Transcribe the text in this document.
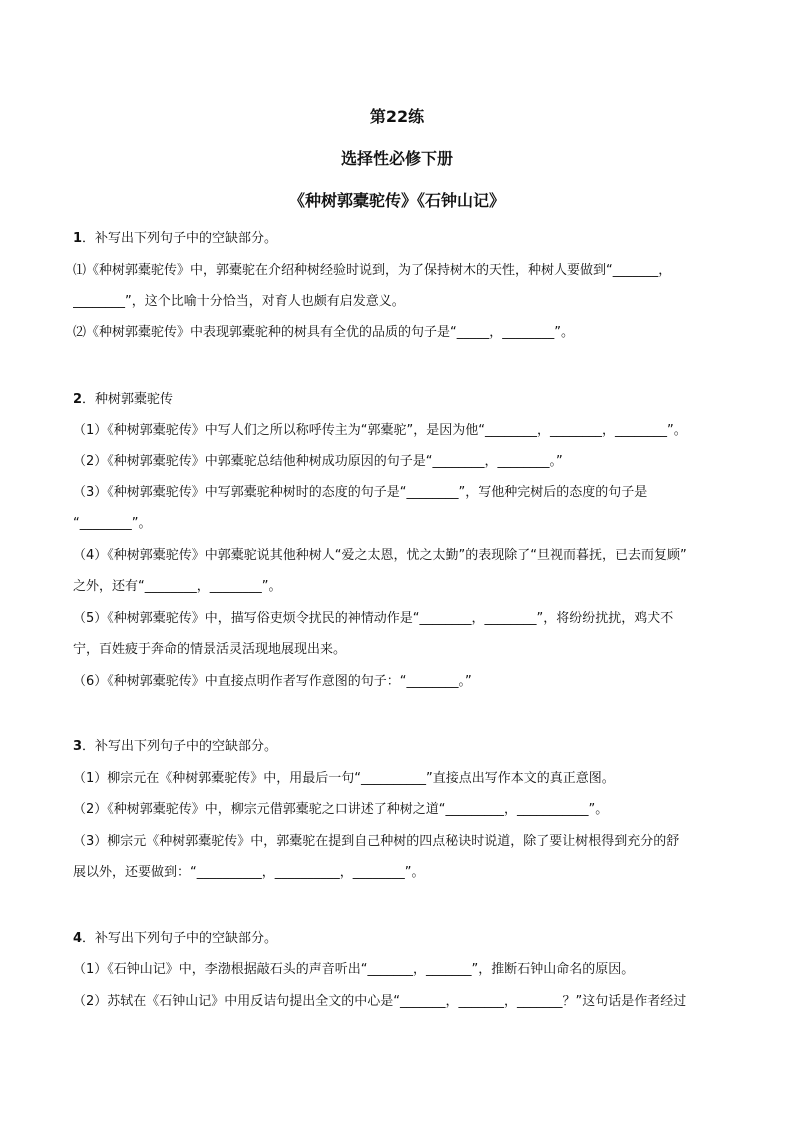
第22练
选择性必修下册
《种树郭橐驼传》《石钟山记》
1．补写出下列句子中的空缺部分。
⑴《种树郭橐驼传》中，郭橐驼在介绍种树经验时说到，为了保持树木的天性，种树人要做到“_______，
________”，这个比喻十分恰当，对育人也颇有启发意义。
⑵《种树郭橐驼传》中表现郭橐驼种的树具有全优的品质的句子是“_____，________”。
2．种树郭橐驼传
（1）《种树郭橐驼传》中写人们之所以称呼传主为“郭橐驼”，是因为他“________，________，________”。
（2）《种树郭橐驼传》中郭橐驼总结他种树成功原因的句子是“________，________。”
（3）《种树郭橐驼传》中写郭橐驼种树时的态度的句子是“________”，写他种完树后的态度的句子是
“________”。
（4）《种树郭橐驼传》中郭橐驼说其他种树人“爱之太恩，忧之太勤”的表现除了“旦视而暮抚，已去而复顾”
之外，还有“________，________”。
（5）《种树郭橐驼传》中，描写俗吏烦令扰民的神情动作是“________，________”，将纷纷扰扰，鸡犬不
宁，百姓疲于奔命的情景活灵活现地展现出来。
（6）《种树郭橐驼传》中直接点明作者写作意图的句子：“________。”
3．补写出下列句子中的空缺部分。
（1）柳宗元在《种树郭橐驼传》中，用最后一句“__________”直接点出写作本文的真正意图。
（2）《种树郭橐驼传》中，柳宗元借郭橐驼之口讲述了种树之道“_________，___________”。
（3）柳宗元《种树郭橐驼传》中，郭橐驼在提到自己种树的四点秘诀时说道，除了要让树根得到充分的舒
展以外，还要做到：“__________，__________，________”。
4．补写出下列句子中的空缺部分。
（1）《石钟山记》中，李渤根据敲石头的声音听出“_______，_______”，推断石钟山命名的原因。
（2）苏轼在《石钟山记》中用反诘句提出全文的中心是“_______，_______，_______？”这句话是作者经过
